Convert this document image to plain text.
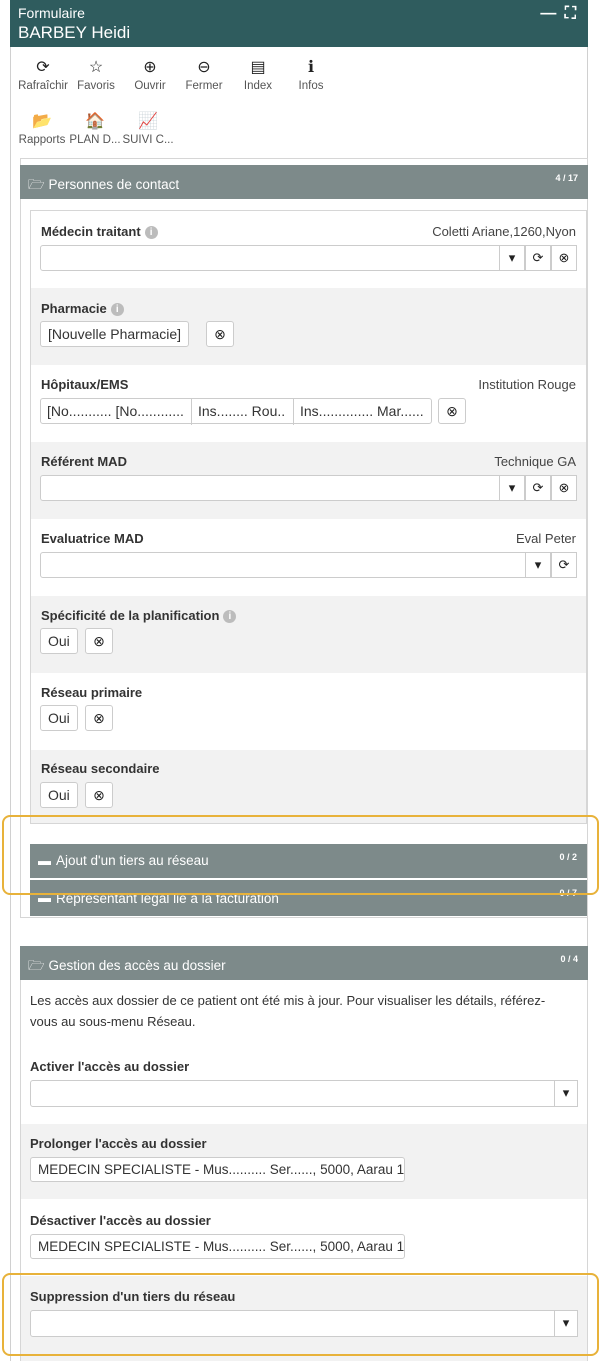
Formulaire
BARBEY Heidi
— ⛶
⟳
Rafraîchir
☆
Favoris
⊕
Ouvrir
⊖
Fermer
▤
Index
ℹ
Infos
📂
Rapports
🏠
PLAN D...
📈
SUIVI C...
🗁 Personnes de contact	4 / 17
Médecin traitant i	Coletti Ariane,1260,Nyon
▾	⟳	⊗
Pharmacie i
[Nouvelle Pharmacie]	⊗
Hôpitaux/EMS	Institution Rouge
[No........... [No............	Ins........ Rou..	Ins.............. Mar......	⊗
Référent MAD	Technique GA
▾	⟳	⊗
Evaluatrice MAD	Eval Peter
▾	⟳
Spécificité de la planification i
Oui	⊗
Réseau primaire
Oui	⊗
Réseau secondaire
Oui	⊗
▬ Ajout d'un tiers au réseau	0 / 2
▬ Représentant légal lié à la facturation	0 / 7
🗁 Gestion des accès au dossier	0 / 4
Les accès aux dossier de ce patient ont été mis à jour. Pour visualiser les détails, référez-vous au sous-menu Réseau.
Activer l'accès au dossier
▾
Prolonger l'accès au dossier
MEDECIN SPECIALISTE - Mus.......... Ser......, 5000, Aarau 1
Désactiver l'accès au dossier
MEDECIN SPECIALISTE - Mus.......... Ser......, 5000, Aarau 1
Suppression d'un tiers du réseau
▾
